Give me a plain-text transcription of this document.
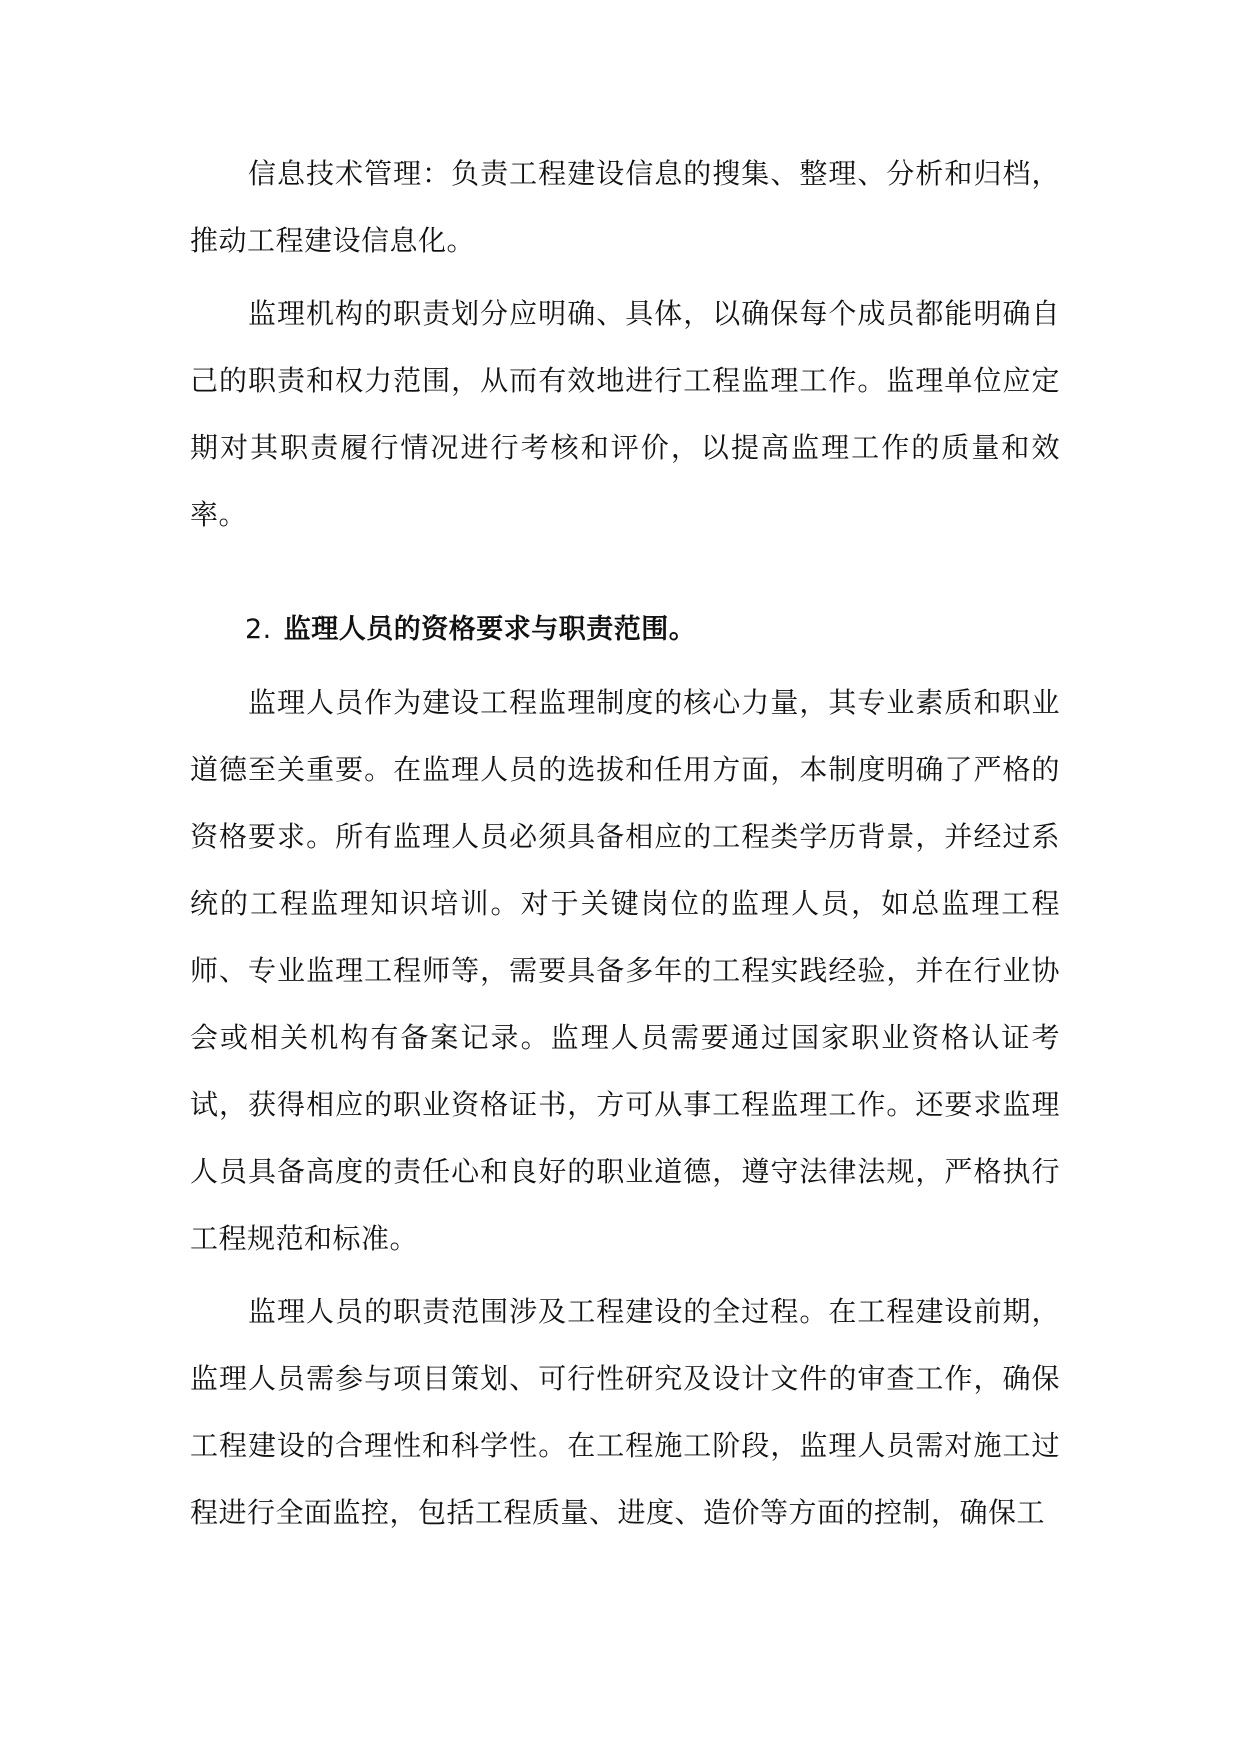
信息技术管理：负责工程建设信息的搜集、整理、分析和归档，推动工程建设信息化。

监理机构的职责划分应明确、具体，以确保每个成员都能明确自己的职责和权力范围，从而有效地进行工程监理工作。监理单位应定期对其职责履行情况进行考核和评价，以提高监理工作的质量和效率。

2. 监理人员的资格要求与职责范围。

监理人员作为建设工程监理制度的核心力量，其专业素质和职业道德至关重要。在监理人员的选拔和任用方面，本制度明确了严格的资格要求。所有监理人员必须具备相应的工程类学历背景，并经过系统的工程监理知识培训。对于关键岗位的监理人员，如总监理工程师、专业监理工程师等，需要具备多年的工程实践经验，并在行业协会或相关机构有备案记录。监理人员需要通过国家职业资格认证考试，获得相应的职业资格证书，方可从事工程监理工作。还要求监理人员具备高度的责任心和良好的职业道德，遵守法律法规，严格执行工程规范和标准。

监理人员的职责范围涉及工程建设的全过程。在工程建设前期，监理人员需参与项目策划、可行性研究及设计文件的审查工作，确保工程建设的合理性和科学性。在工程施工阶段，监理人员需对施工过程进行全面监控，包括工程质量、进度、造价等方面的控制，确保工
